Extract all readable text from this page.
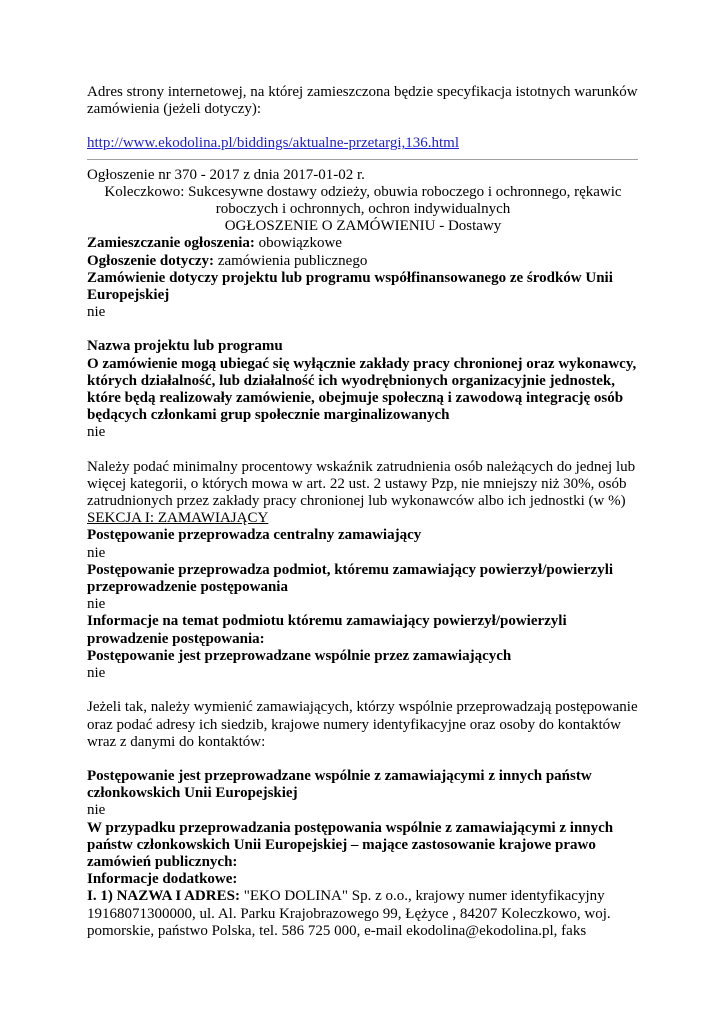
Adres strony internetowej, na której zamieszczona będzie specyfikacja istotnych warunków zamówienia (jeżeli dotyczy):

http://www.ekodolina.pl/biddings/aktualne-przetargi,136.html

Ogłoszenie nr 370 - 2017 z dnia 2017-01-02 r.

Koleczkowo: Sukcesywne dostawy odzieży, obuwia roboczego i ochronnego, rękawic roboczych i ochronnych, ochron indywidualnych

OGŁOSZENIE O ZAMÓWIENIU - Dostawy

Zamieszczanie ogłoszenia: obowiązkowe

Ogłoszenie dotyczy: zamówienia publicznego

Zamówienie dotyczy projektu lub programu współfinansowanego ze środków Unii Europejskiej

nie

Nazwa projektu lub programu

O zamówienie mogą ubiegać się wyłącznie zakłady pracy chronionej oraz wykonawcy, których działalność, lub działalność ich wyodrębnionych organizacyjnie jednostek, które będą realizowały zamówienie, obejmuje społeczną i zawodową integrację osób będących członkami grup społecznie marginalizowanych

nie

Należy podać minimalny procentowy wskaźnik zatrudnienia osób należących do jednej lub więcej kategorii, o których mowa w art. 22 ust. 2 ustawy Pzp, nie mniejszy niż 30%, osób zatrudnionych przez zakłady pracy chronionej lub wykonawców albo ich jednostki (w %)

SEKCJA I: ZAMAWIAJĄCY

Postępowanie przeprowadza centralny zamawiający

nie

Postępowanie przeprowadza podmiot, któremu zamawiający powierzył/powierzyli przeprowadzenie postępowania

nie

Informacje na temat podmiotu któremu zamawiający powierzył/powierzyli prowadzenie postępowania:

Postępowanie jest przeprowadzane wspólnie przez zamawiających

nie

Jeżeli tak, należy wymienić zamawiających, którzy wspólnie przeprowadzają postępowanie oraz podać adresy ich siedzib, krajowe numery identyfikacyjne oraz osoby do kontaktów wraz z danymi do kontaktów:

Postępowanie jest przeprowadzane wspólnie z zamawiającymi z innych państw członkowskich Unii Europejskiej

nie

W przypadku przeprowadzania postępowania wspólnie z zamawiającymi z innych państw członkowskich Unii Europejskiej – mające zastosowanie krajowe prawo zamówień publicznych:

Informacje dodatkowe:

I. 1) NAZWA I ADRES: "EKO DOLINA" Sp. z o.o., krajowy numer identyfikacyjny 19168071300000, ul. Al. Parku Krajobrazowego 99, Łężyce , 84207 Koleczkowo, woj. pomorskie, państwo Polska, tel. 586 725 000, e-mail ekodolina@ekodolina.pl, faks
